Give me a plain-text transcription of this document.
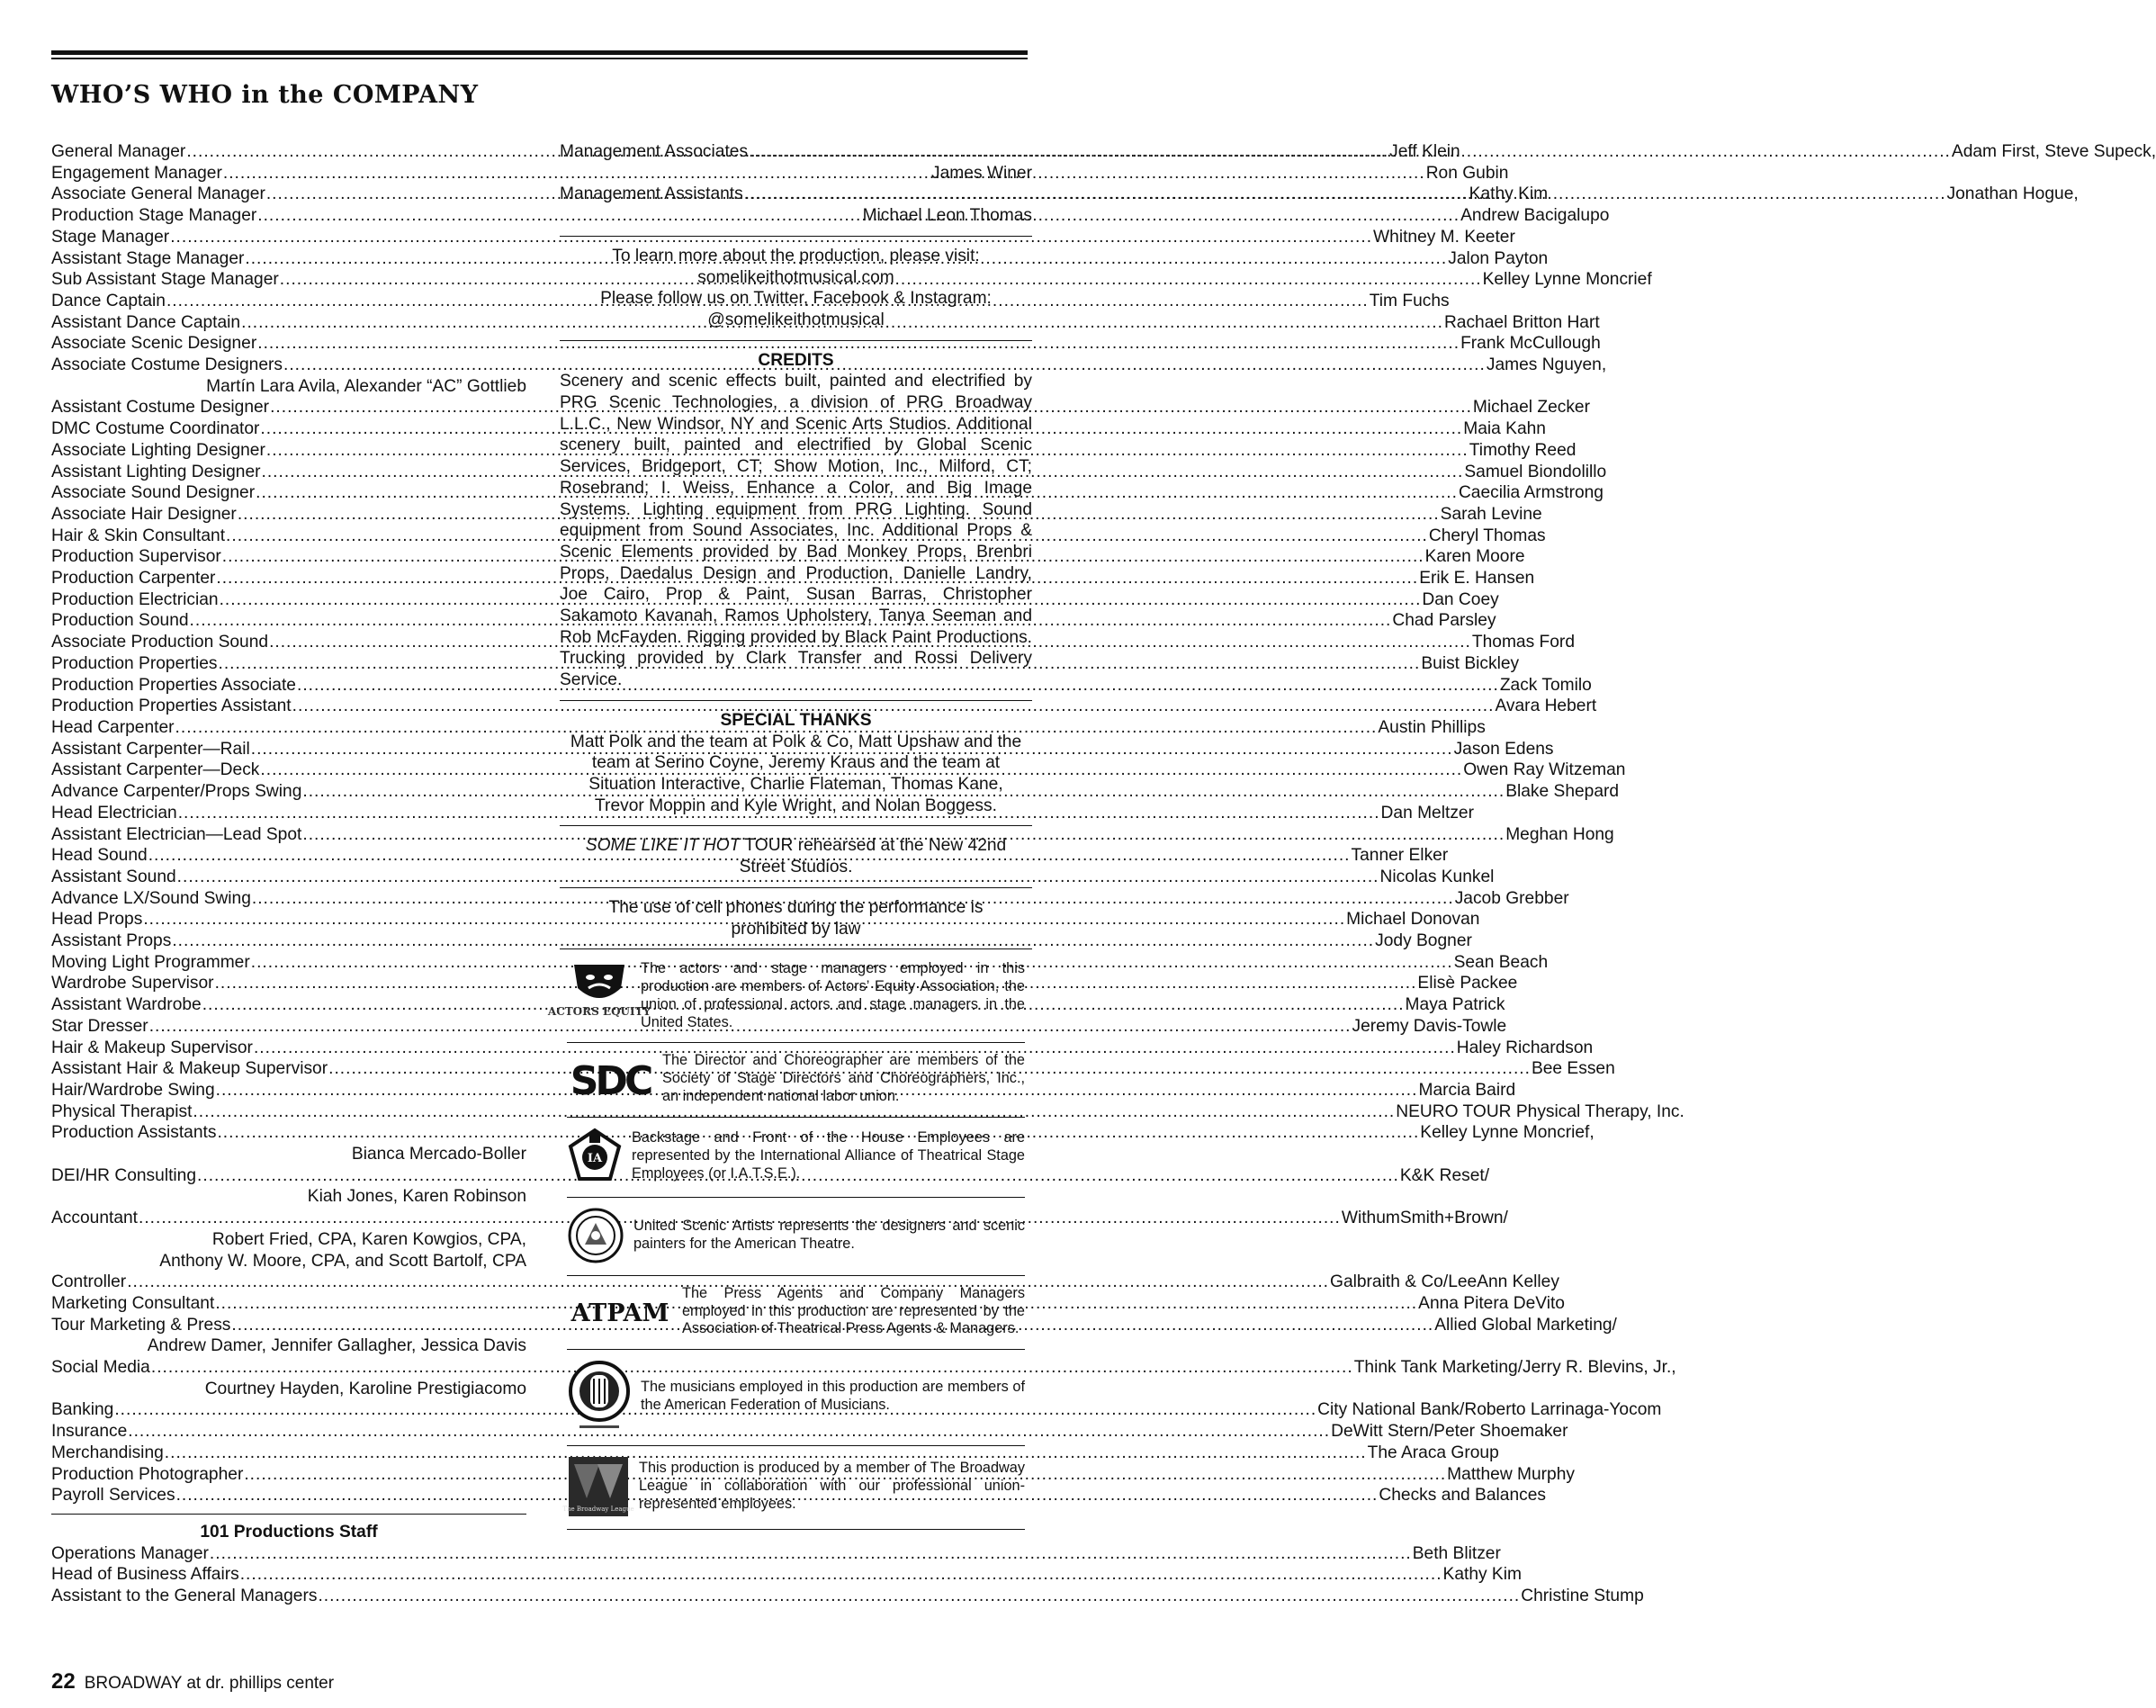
WHO’S WHO in the COMPANY
General Manager .....	Jeff Klein
Engagement Manager .....	Ron Gubin
Associate General Manager .....	Kathy Kim
Production Stage Manager .....	Andrew Bacigalupo
Stage Manager .....	Whitney M. Keeter
Assistant Stage Manager .....	Jalon Payton
Sub Assistant Stage Manager .....	Kelley Lynne Moncrief
Dance Captain .....	Tim Fuchs
Assistant Dance Captain .....	Rachael Britton Hart
Associate Scenic Designer .....	Frank McCullough
Associate Costume Designers .....	James Nguyen,
Martín Lara Avila, Alexander “AC” Gottlieb
Assistant Costume Designer .....	Michael Zecker
DMC Costume Coordinator .....	Maia Kahn
Associate Lighting Designer .....	Timothy Reed
Assistant Lighting Designer .....	Samuel Biondolillo
Associate Sound Designer .....	Caecilia Armstrong
Associate Hair Designer .....	Sarah Levine
Hair & Skin Consultant .....	Cheryl Thomas
Production Supervisor .....	Karen Moore
Production Carpenter .....	Erik E. Hansen
Production Electrician .....	Dan Coey
Production Sound .....	Chad Parsley
Associate Production Sound .....	Thomas Ford
Production Properties .....	Buist Bickley
Production Properties Associate .....	Zack Tomilo
Production Properties Assistant .....	Avara Hebert
Head Carpenter .....	Austin Phillips
Assistant Carpenter—Rail .....	Jason Edens
Assistant Carpenter—Deck .....	Owen Ray Witzeman
Advance Carpenter/Props Swing .....	Blake Shepard
Head Electrician .....	Dan Meltzer
Assistant Electrician—Lead Spot .....	Meghan Hong
Head Sound .....	Tanner Elker
Assistant Sound .....	Nicolas Kunkel
Advance LX/Sound Swing .....	Jacob Grebber
Head Props .....	Michael Donovan
Assistant Props .....	Jody Bogner
Moving Light Programmer .....	Sean Beach
Wardrobe Supervisor .....	Elisè Packee
Assistant Wardrobe .....	Maya Patrick
Star Dresser .....	Jeremy Davis-Towle
Hair & Makeup Supervisor .....	Haley Richardson
Assistant Hair & Makeup Supervisor .....	Bee Essen
Hair/Wardrobe Swing .....	Marcia Baird
Physical Therapist .....	NEURO TOUR Physical Therapy, Inc.
Production Assistants .....	Kelley Lynne Moncrief,
Bianca Mercado-Boller
DEI/HR Consulting .....	K&K Reset/
Kiah Jones, Karen Robinson
Accountant .....	WithumSmith+Brown/
Robert Fried, CPA, Karen Kowgios, CPA,
Anthony W. Moore, CPA, and Scott Bartolf, CPA
Controller .....	Galbraith & Co/LeeAnn Kelley
Marketing Consultant .....	Anna Pitera DeVito
Tour Marketing & Press .....	Allied Global Marketing/
Andrew Damer, Jennifer Gallagher, Jessica Davis
Social Media .....	Think Tank Marketing/Jerry R. Blevins, Jr.,
Courtney Hayden, Karoline Prestigiacomo
Banking .....	City National Bank/Roberto Larrinaga-Yocom
Insurance .....	DeWitt Stern/Peter Shoemaker
Merchandising .....	The Araca Group
Production Photographer .....	Matthew Murphy
Payroll Services .....	Checks and Balances
101 Productions Staff
Operations Manager .....	Beth Blitzer
Head of Business Affairs .....	Kathy Kim
Assistant to the General Managers .....	Christine Stump
Management Associates .....	Adam First, Steve Supeck,
James Winer
Management Assistants .....	Jonathan Hogue,
Michael Leon Thomas
To learn more about the production, please visit:
somelikeithotmusical.com
Please follow us on Twitter, Facebook & Instagram:
@somelikeithotmusical
CREDITS
Scenery and scenic effects built, painted and electrified by PRG Scenic Technologies, a division of PRG Broadway L.L.C., New Windsor, NY and Scenic Arts Studios. Additional scenery built, painted and electrified by Global Scenic Services, Bridgeport, CT; Show Motion, Inc., Milford, CT; Rosebrand; I. Weiss, Enhance a Color, and Big Image Systems. Lighting equipment from PRG Lighting. Sound equipment from Sound Associates, Inc. Additional Props & Scenic Elements provided by Bad Monkey Props, Brenbri Props, Daedalus Design and Production, Danielle Landry, Joe Cairo, Prop & Paint, Susan Barras, Christopher Sakamoto Kavanah, Ramos Upholstery, Tanya Seeman and Rob McFayden. Rigging provided by Black Paint Productions. Trucking provided by Clark Transfer and Rossi Delivery Service.
SPECIAL THANKS
Matt Polk and the team at Polk & Co, Matt Upshaw and the team at Serino Coyne, Jeremy Kraus and the team at Situation Interactive, Charlie Flateman, Thomas Kane, Trevor Moppin and Kyle Wright, and Nolan Boggess.
SOME LIKE IT HOT TOUR rehearsed at the New 42nd Street Studios.
The use of cell phones during the performance is prohibited by law
ACTORS EQUITY
The actors and stage managers employed in this production are members of Actors’ Equity Association, the union of professional actors and stage managers in the United States.
SDC The Director and Choreographer are members of the Society of Stage Directors and Choreographers, Inc., an independent national labor union.
IA
Backstage and Front of the House Employees are represented by the International Alliance of Theatrical Stage Employees (or I.A.T.S.E.).
United Scenic Artists represents the designers and scenic painters for the American Theatre.
ATPAM
The Press Agents and Company Managers employed in this production are represented by the Association of Theatrical Press Agents & Managers.
The musicians employed in this production are members of the American Federation of Musicians.
The Broadway League
This production is produced by a member of The Broadway League in collaboration with our professional union-represented employees.
22 BROADWAY at dr. phillips center
